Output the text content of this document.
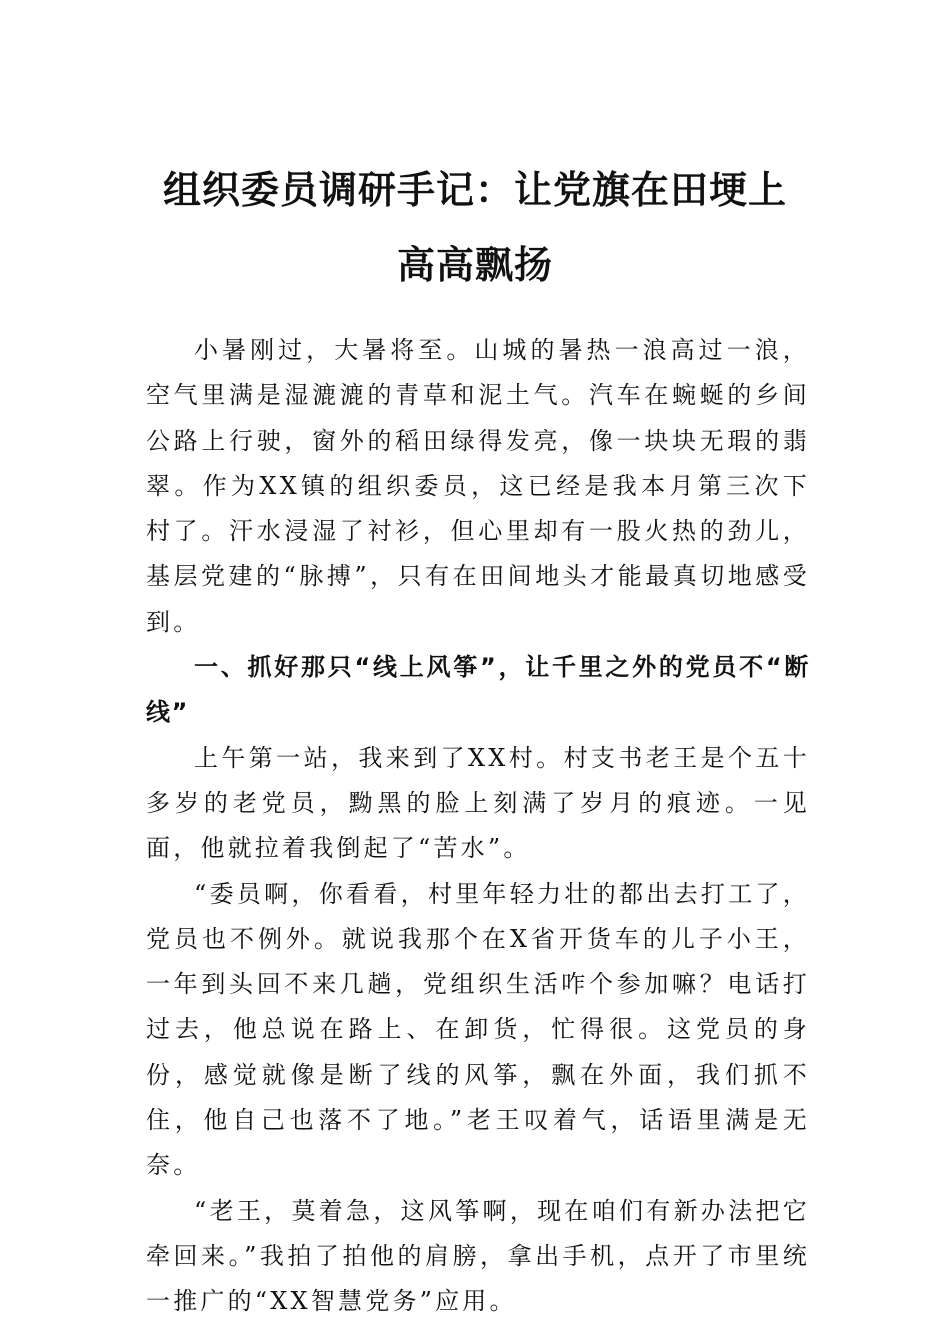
组织委员调研手记：让党旗在田埂上高高飘扬

小暑刚过，大暑将至。山城的暑热一浪高过一浪，空气里满是湿漉漉的青草和泥土气。汽车在蜿蜒的乡间公路上行驶，窗外的稻田绿得发亮，像一块块无瑕的翡翠。作为XX镇的组织委员，这已经是我本月第三次下村了。汗水浸湿了衬衫，但心里却有一股火热的劲儿，基层党建的“脉搏”，只有在田间地头才能最真切地感受到。

一、抓好那只“线上风筝”，让千里之外的党员不“断线”

上午第一站，我来到了XX村。村支书老王是个五十多岁的老党员，黝黑的脸上刻满了岁月的痕迹。一见面，他就拉着我倒起了“苦水”。

“委员啊，你看看，村里年轻力壮的都出去打工了，党员也不例外。就说我那个在X省开货车的儿子小王，一年到头回不来几趟，党组织生活咋个参加嘛？电话打过去，他总说在路上、在卸货，忙得很。这党员的身份，感觉就像是断了线的风筝，飘在外面，我们抓不住，他自己也落不了地。”老王叹着气，话语里满是无奈。

“老王，莫着急，这风筝啊，现在咱们有新办法把它牵回来。”我拍了拍他的肩膀，拿出手机，点开了市里统一推广的“XX智慧党务”应用。
